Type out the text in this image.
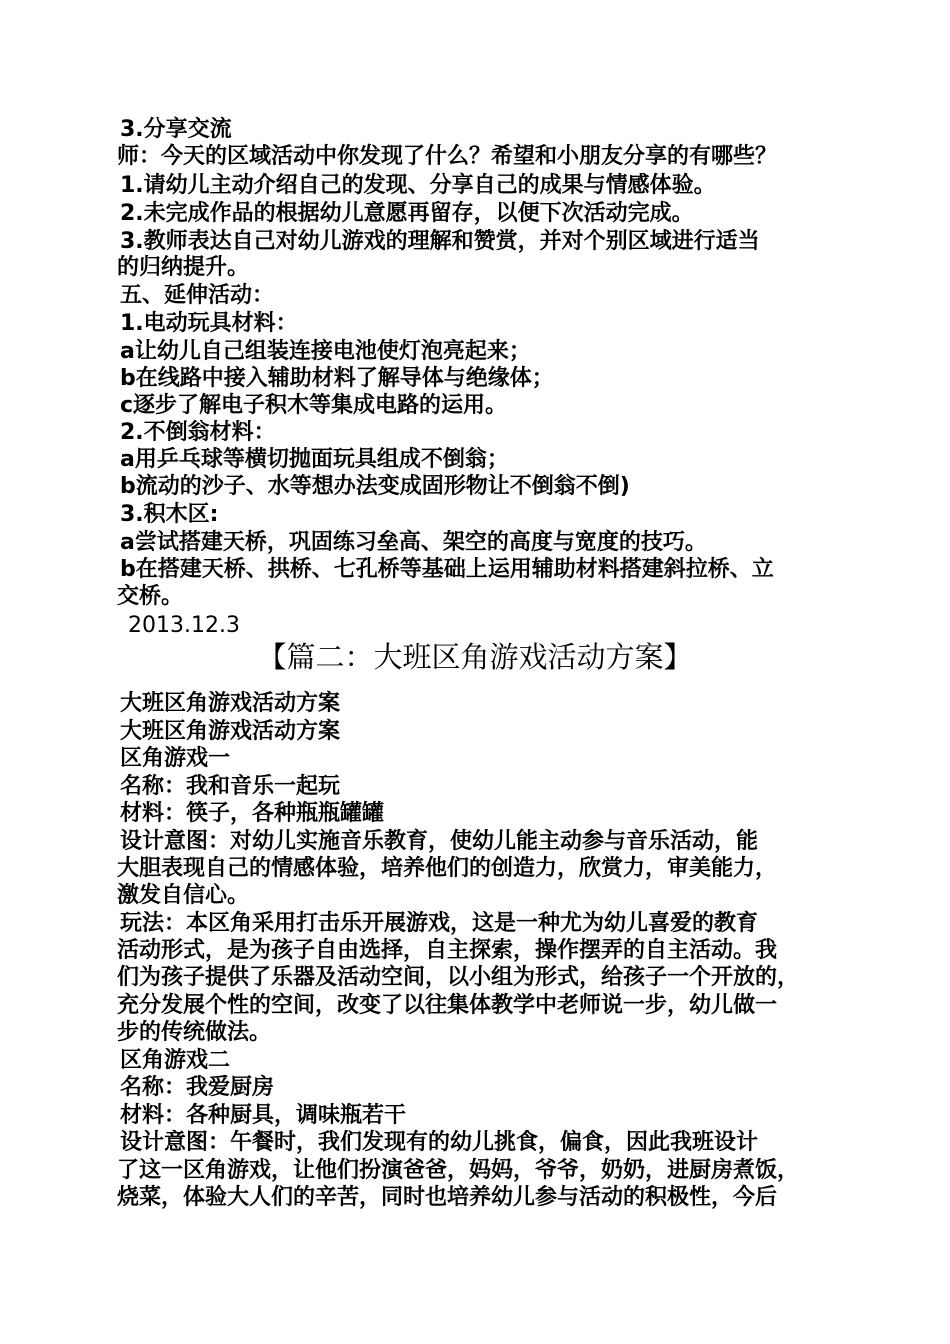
3.分享交流
师：今天的区域活动中你发现了什么？希望和小朋友分享的有哪些？
1.请幼儿主动介绍自己的发现、分享自己的成果与情感体验。
2.未完成作品的根据幼儿意愿再留存，以便下次活动完成。
3.教师表达自己对幼儿游戏的理解和赞赏，并对个别区域进行适当
的归纳提升。
五、延伸活动：
1.电动玩具材料：
a让幼儿自己组装连接电池使灯泡亮起来；
b在线路中接入辅助材料了解导体与绝缘体；
c逐步了解电子积木等集成电路的运用。
2.不倒翁材料：
a用乒乓球等横切抛面玩具组成不倒翁；
b流动的沙子、水等想办法变成固形物让不倒翁不倒)
3.积木区:
a尝试搭建天桥，巩固练习垒高、架空的高度与宽度的技巧。
b在搭建天桥、拱桥、七孔桥等基础上运用辅助材料搭建斜拉桥、立
交桥。
2013.12.3
【篇二：大班区角游戏活动方案】
大班区角游戏活动方案
大班区角游戏活动方案
区角游戏一
名称：我和音乐一起玩
材料：筷子，各种瓶瓶罐罐
设计意图：对幼儿实施音乐教育，使幼儿能主动参与音乐活动，能
大胆表现自己的情感体验，培养他们的创造力，欣赏力，审美能力，
激发自信心。
玩法：本区角采用打击乐开展游戏，这是一种尤为幼儿喜爱的教育
活动形式，是为孩子自由选择，自主探索，操作摆弄的自主活动。我
们为孩子提供了乐器及活动空间，以小组为形式，给孩子一个开放的，
充分发展个性的空间，改变了以往集体教学中老师说一步，幼儿做一
步的传统做法。
区角游戏二
名称：我爱厨房
材料：各种厨具，调味瓶若干
设计意图：午餐时，我们发现有的幼儿挑食，偏食，因此我班设计
了这一区角游戏，让他们扮演爸爸，妈妈，爷爷，奶奶，进厨房煮饭，
烧菜，体验大人们的辛苦，同时也培养幼儿参与活动的积极性，今后
